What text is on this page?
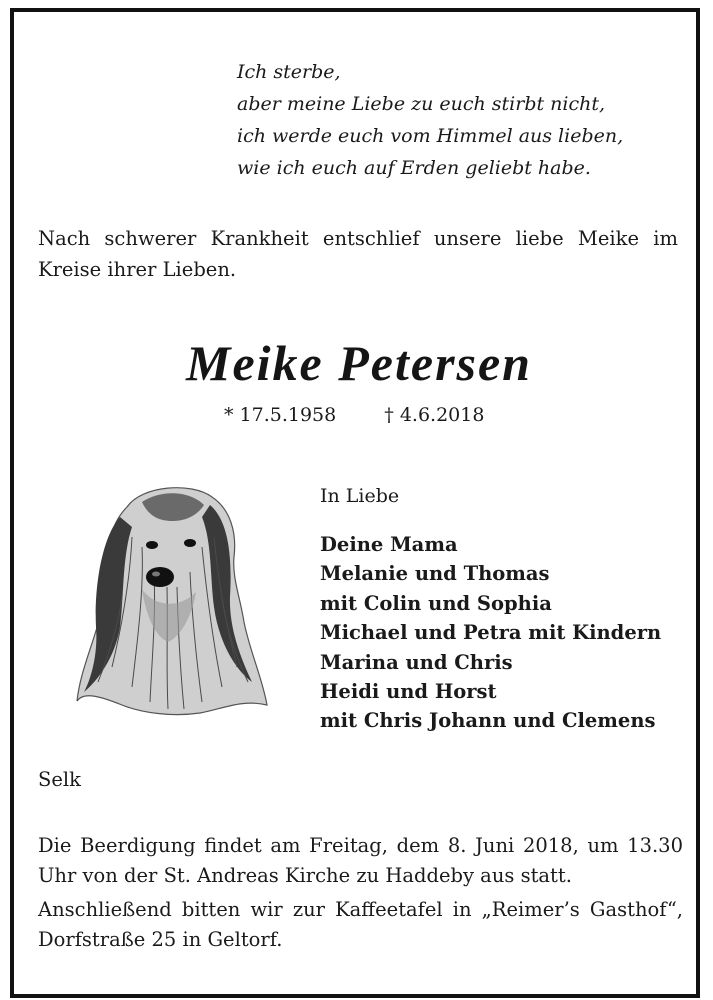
Ich sterbe,
aber meine Liebe zu euch stirbt nicht,
ich werde euch vom Himmel aus lieben,
wie ich euch auf Erden geliebt habe.
Nach schwerer Krankheit entschlief unsere liebe Meike im Kreise ihrer Lieben.
Meike Petersen
* 17.5.1958	† 4.6.2018
In Liebe
Deine Mama
Melanie und Thomas
mit Colin und Sophia
Michael und Petra mit Kindern
Marina und Chris
Heidi und Horst
mit Chris Johann und Clemens
Selk

Die Beerdigung findet am Freitag, dem 8. Juni 2018, um 13.30 Uhr von der St. Andreas Kirche zu Haddeby aus statt.

Anschließend bitten wir zur Kaffeetafel in „Reimer’s Gasthof“, Dorfstraße 25 in Geltorf.
